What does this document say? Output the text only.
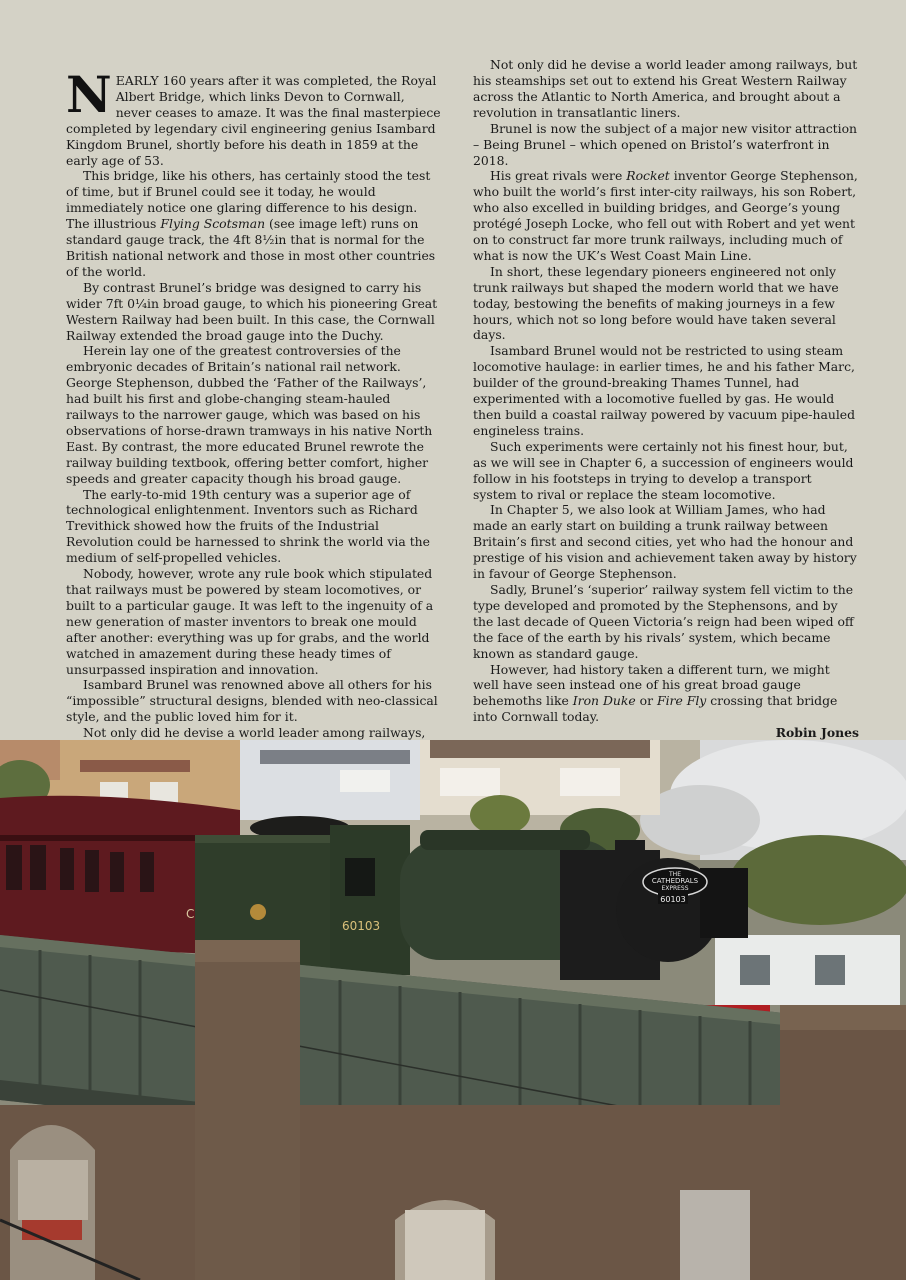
NEARLY 160 years after it was completed, the Royal Albert Bridge, which links Devon to Cornwall, never ceases to amaze. It was the final masterpiece completed by legendary civil engineering genius Isambard Kingdom Brunel, shortly before his death in 1859 at the early age of 53.

This bridge, like his others, has certainly stood the test of time, but if Brunel could see it today, he would immediately notice one glaring difference to his design. The illustrious Flying Scotsman (see image left) runs on standard gauge track, the 4ft 8½in that is normal for the British national network and those in most other countries of the world.

By contrast Brunel’s bridge was designed to carry his wider 7ft 0¼in broad gauge, to which his pioneering Great Western Railway had been built. In this case, the Cornwall Railway extended the broad gauge into the Duchy.

Herein lay one of the greatest controversies of the embryonic decades of Britain’s national rail network. George Stephenson, dubbed the ‘Father of the Railways’, had built his first and globe-changing steam-hauled railways to the narrower gauge, which was based on his observations of horse-drawn tramways in his native North East. By contrast, the more educated Brunel rewrote the railway building textbook, offering better comfort, higher speeds and greater capacity though his broad gauge.

The early-to-mid 19th century was a superior age of technological enlightenment. Inventors such as Richard Trevithick showed how the fruits of the Industrial Revolution could be harnessed to shrink the world via the medium of self-propelled vehicles.

Nobody, however, wrote any rule book which stipulated that railways must be powered by steam locomotives, or built to a particular gauge. It was left to the ingenuity of a new generation of master inventors to break one mould after another: everything was up for grabs, and the world watched in amazement during these heady times of unsurpassed inspiration and innovation.

Isambard Brunel was renowned above all others for his “impossible” structural designs, blended with neo-classical style, and the public loved him for it.

Not only did he devise a world leader among railways,

Not only did he devise a world leader among railways, but his steamships set out to extend his Great Western Railway across the Atlantic to North America, and brought about a revolution in transatlantic liners.

Brunel is now the subject of a major new visitor attraction – Being Brunel – which opened on Bristol’s waterfront in 2018.

His great rivals were Rocket inventor George Stephenson, who built the world’s first inter-city railways, his son Robert, who also excelled in building bridges, and George’s young protégé Joseph Locke, who fell out with Robert and yet went on to construct far more trunk railways, including much of what is now the UK’s West Coast Main Line.

In short, these legendary pioneers engineered not only trunk railways but shaped the modern world that we have today, bestowing the benefits of making journeys in a few hours, which not so long before would have taken several days.

Isambard Brunel would not be restricted to using steam locomotive haulage: in earlier times, he and his father Marc, builder of the ground-breaking Thames Tunnel, had experimented with a locomotive fuelled by gas. He would then build a coastal railway powered by vacuum pipe-hauled engineless trains.

Such experiments were certainly not his finest hour, but, as we will see in Chapter 6, a succession of engineers would follow in his footsteps in trying to develop a transport system to rival or replace the steam locomotive.

In Chapter 5, we also look at William James, who had made an early start on building a trunk railway between Britain’s first and second cities, yet who had the honour and prestige of his vision and achievement taken away by history in favour of George Stephenson.

Sadly, Brunel’s ‘superior’ railway system fell victim to the type developed and promoted by the Stephensons, and by the last decade of Queen Victoria’s reign had been wiped off the face of the earth by his rivals’ system, which became known as standard gauge.

However, had history taken a different turn, we might well have seen instead one of his great broad gauge behemoths like Iron Duke or Fire Fly crossing that bridge into Cornwall today.

Robin Jones
C
60103
THE
CATHEDRALS
EXPRESS
60103
